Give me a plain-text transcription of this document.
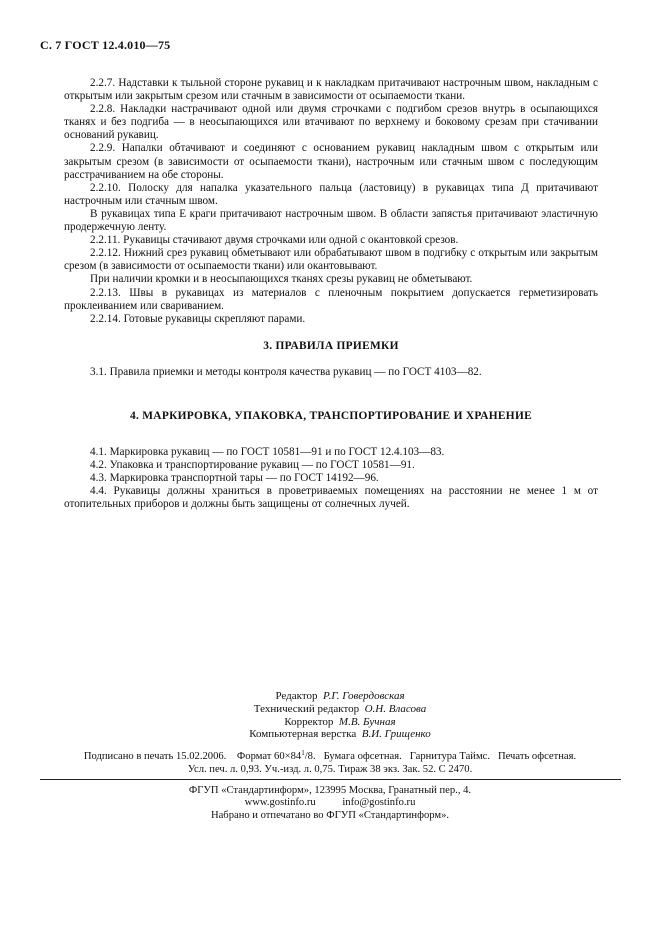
С. 7 ГОСТ 12.4.010—75

2.2.7. Надставки к тыльной стороне рукавиц и к накладкам притачивают настрочным швом, накладным с открытым или закрытым срезом или стачным в зависимости от осыпаемости ткани.

2.2.8. Накладки настрачивают одной или двумя строчками с подгибом срезов внутрь в осыпающихся тканях и без подгиба — в неосыпающихся или втачивают по верхнему и боковому срезам при стачивании оснований рукавиц.

2.2.9. Напалки обтачивают и соединяют с основанием рукавиц накладным швом с открытым или закрытым срезом (в зависимости от осыпаемости ткани), настрочным или стачным швом с последующим расстрачиванием на обе стороны.

2.2.10. Полоску для напалка указательного пальца (ластовицу) в рукавицах типа Д притачивают настрочным или стачным швом.

В рукавицах типа Е краги притачивают настрочным швом. В области запястья притачивают эластичную продержечную ленту.

2.2.11. Рукавицы стачивают двумя строчками или одной с окантовкой срезов.

2.2.12. Нижний срез рукавиц обметывают или обрабатывают швом в подгибку с открытым или закрытым срезом (в зависимости от осыпаемости ткани) или окантовывают.

При наличии кромки и в неосыпающихся тканях срезы рукавиц не обметывают.

2.2.13. Швы в рукавицах из материалов с пленочным покрытием допускается герметизировать проклеиванием или свариванием.

2.2.14. Готовые рукавицы скрепляют парами.

3. ПРАВИЛА ПРИЕМКИ

3.1. Правила приемки и методы контроля качества рукавиц — по ГОСТ 4103—82.

4. МАРКИРОВКА, УПАКОВКА, ТРАНСПОРТИРОВАНИЕ И ХРАНЕНИЕ

4.1. Маркировка рукавиц — по ГОСТ 10581—91 и по ГОСТ 12.4.103—83.

4.2. Упаковка и транспортирование рукавиц — по ГОСТ 10581—91.

4.3. Маркировка транспортной тары — по ГОСТ 14192—96.

4.4. Рукавицы должны храниться в проветриваемых помещениях на расстоянии не менее 1 м от отопительных приборов и должны быть защищены от солнечных лучей.

Редактор Р.Г. Говердовская
Технический редактор О.Н. Власова
Корректор М.В. Бучная
Компьютерная верстка В.И. Грищенко
Подписано в печать 15.02.2006. Формат $60\times 84^1/8$. Бумага офсетная. Гарнитура Таймс. Печать офсетная.
Усл. печ. л. 0,93. Уч.-изд. л. 0,75. Тираж 38 экз. Зак. 52. С 2470.
ФГУП «Стандартинформ», 123995 Москва, Гранатный пер., 4.
www.gostinfo.ru	info@gostinfo.ru
Набрано и отпечатано во ФГУП «Стандартинформ».
